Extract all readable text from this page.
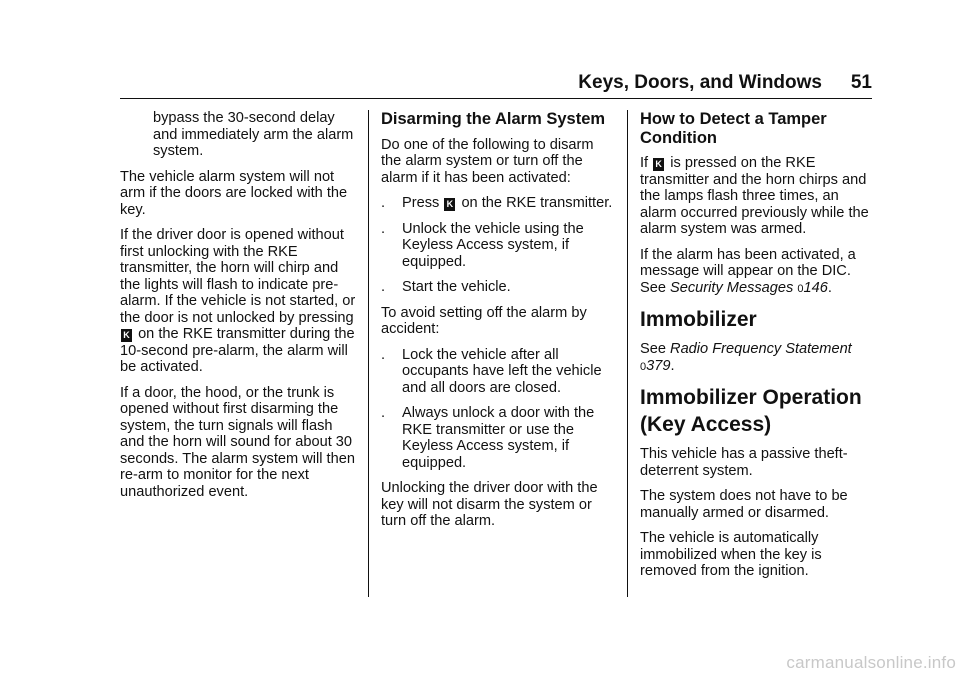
Keys, Doors, and Windows 51

bypass the 30-second delay and immediately arm the alarm system.

The vehicle alarm system will not arm if the doors are locked with the key.

If the driver door is opened without first unlocking with the RKE transmitter, the horn will chirp and the lights will flash to indicate pre-alarm. If the vehicle is not started, or the door is not unlocked by pressing K on the RKE transmitter during the 10-second pre-alarm, the alarm will be activated.

If a door, the hood, or the trunk is opened without first disarming the system, the turn signals will flash and the horn will sound for about 30 seconds. The alarm system will then re-arm to monitor for the next unauthorized event.

Disarming the Alarm System

Do one of the following to disarm the alarm system or turn off the alarm if it has been activated:

. Press K on the RKE transmitter.
. Unlock the vehicle using the Keyless Access system, if equipped.
. Start the vehicle.

To avoid setting off the alarm by accident:

. Lock the vehicle after all occupants have left the vehicle and all doors are closed.
. Always unlock a door with the RKE transmitter or use the Keyless Access system, if equipped.

Unlocking the driver door with the key will not disarm the system or turn off the alarm.

How to Detect a Tamper Condition

If K is pressed on the RKE transmitter and the horn chirps and the lamps flash three times, an alarm occurred previously while the alarm system was armed.

If the alarm has been activated, a message will appear on the DIC. See Security Messages 0146.

Immobilizer

See Radio Frequency Statement 0379.

Immobilizer Operation (Key Access)

This vehicle has a passive theft-deterrent system.

The system does not have to be manually armed or disarmed.

The vehicle is automatically immobilized when the key is removed from the ignition.

carmanualsonline.info
